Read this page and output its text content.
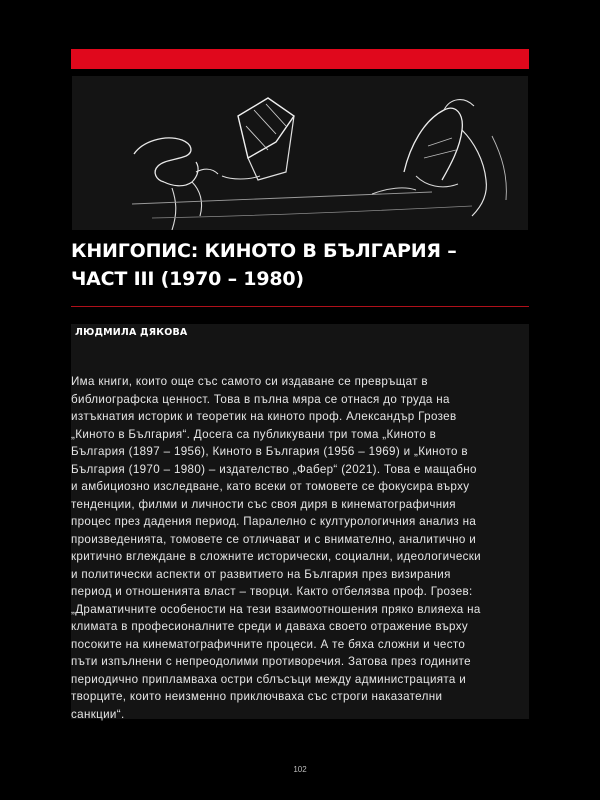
КНИГОПИС: КИНОТО В БЪЛГАРИЯ –
ЧАСТ III (1970 – 1980)
ЛЮДМИЛА ДЯКОВА

Има книги, които още със самото си издаване се превръщат в
библиографска ценност. Това в пълна мяра се отнася до труда на
изтъкнатия историк и теоретик на киното проф. Александър Грозев
„Киното в България“. Досега са публикувани три тома „Киното в
България (1897 – 1956), Киното в България (1956 – 1969) и „Киното в
България (1970 – 1980) – издателство „Фабер“ (2021). Това е мащабно
и амбициозно изследване, като всеки от томовете се фокусира върху
тенденции, филми и личности със своя диря в кинематографичния
процес през дадения период. Паралелно с културологичния анализ на
произведенията, томовете се отличават и с внимателно, аналитично и
критично вглеждане в сложните исторически, социални, идеологически
и политически аспекти от развитието на България през визирания
период и отношенията власт – творци. Както отбелязва проф. Грозев:
„Драматичните особености на тези взаимоотношения пряко влияеха на
климата в професионалните среди и даваха своето отражение върху
посоките на кинематографичните процеси. А те бяха сложни и често
пъти изпълнени с непреодолими противоречия. Затова през годините
периодично припламваха остри сблъсъци между администрацията и
творците, които неизменно приключваха със строги наказателни
санкции“.

102
